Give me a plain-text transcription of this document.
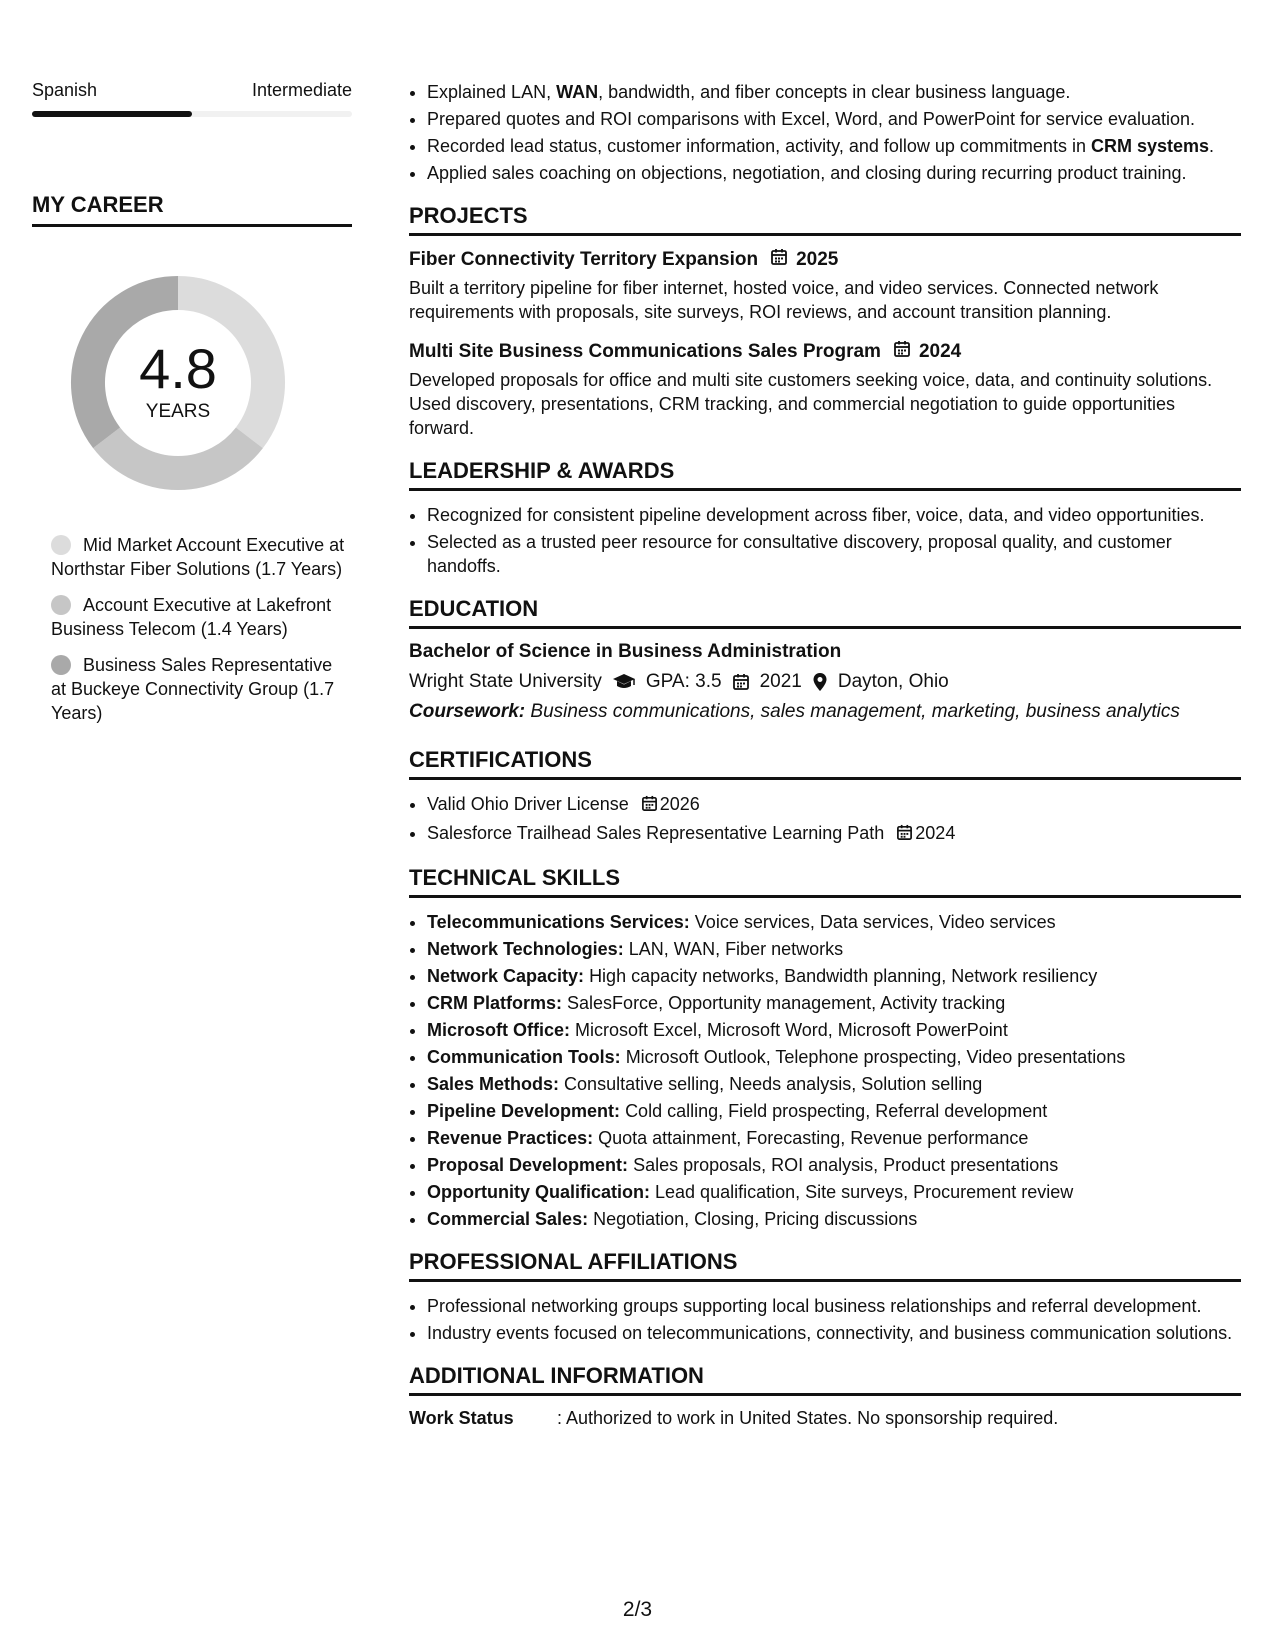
Spanish	Intermediate
MY CAREER
4.8
YEARS
Mid Market Account Executive at Northstar Fiber Solutions (1.7 Years)
Account Executive at Lakefront Business Telecom (1.4 Years)
Business Sales Representative at Buckeye Connectivity Group (1.7 Years)
• Explained LAN, WAN, bandwidth, and fiber concepts in clear business language.
• Prepared quotes and ROI comparisons with Excel, Word, and PowerPoint for service evaluation.
• Recorded lead status, customer information, activity, and follow up commitments in CRM systems.
• Applied sales coaching on objections, negotiation, and closing during recurring product training.
PROJECTS
Fiber Connectivity Territory Expansion 2025
Built a territory pipeline for fiber internet, hosted voice, and video services. Connected network requirements with proposals, site surveys, ROI reviews, and account transition planning.
Multi Site Business Communications Sales Program 2024
Developed proposals for office and multi site customers seeking voice, data, and continuity solutions. Used discovery, presentations, CRM tracking, and commercial negotiation to guide opportunities forward.
LEADERSHIP & AWARDS
• Recognized for consistent pipeline development across fiber, voice, data, and video opportunities.
• Selected as a trusted peer resource for consultative discovery, proposal quality, and customer handoffs.
EDUCATION
Bachelor of Science in Business Administration
Wright State University GPA: 3.5 2021 Dayton, Ohio
Coursework: Business communications, sales management, marketing, business analytics
CERTIFICATIONS
• Valid Ohio Driver License 2026
• Salesforce Trailhead Sales Representative Learning Path 2024
TECHNICAL SKILLS
• Telecommunications Services: Voice services, Data services, Video services
• Network Technologies: LAN, WAN, Fiber networks
• Network Capacity: High capacity networks, Bandwidth planning, Network resiliency
• CRM Platforms: SalesForce, Opportunity management, Activity tracking
• Microsoft Office: Microsoft Excel, Microsoft Word, Microsoft PowerPoint
• Communication Tools: Microsoft Outlook, Telephone prospecting, Video presentations
• Sales Methods: Consultative selling, Needs analysis, Solution selling
• Pipeline Development: Cold calling, Field prospecting, Referral development
• Revenue Practices: Quota attainment, Forecasting, Revenue performance
• Proposal Development: Sales proposals, ROI analysis, Product presentations
• Opportunity Qualification: Lead qualification, Site surveys, Procurement review
• Commercial Sales: Negotiation, Closing, Pricing discussions
PROFESSIONAL AFFILIATIONS
• Professional networking groups supporting local business relationships and referral development.
• Industry events focused on telecommunications, connectivity, and business communication solutions.
ADDITIONAL INFORMATION
Work Status	: Authorized to work in United States. No sponsorship required.
2/3
